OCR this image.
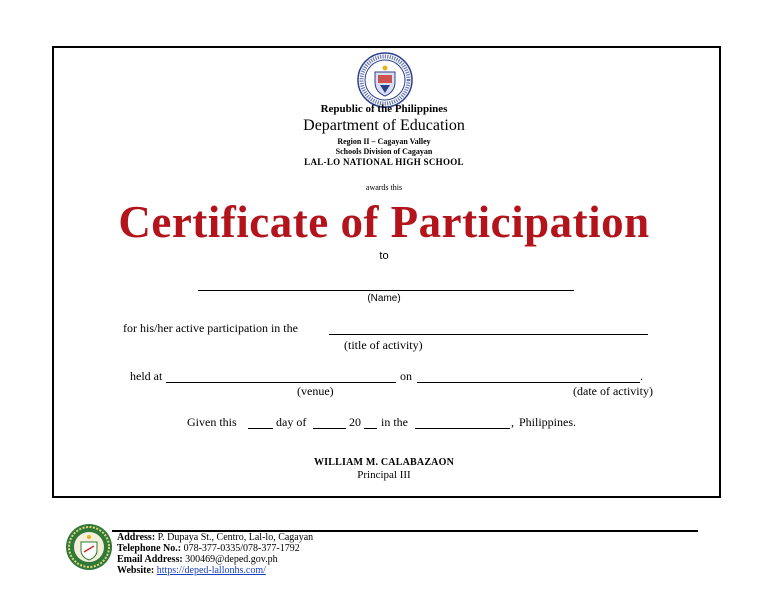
Republic of the Philippines
Department of Education
Region II – Cagayan Valley
Schools Division of Cagayan
LAL-LO NATIONAL HIGH SCHOOL
awards this
Certificate of Participation
to
(Name)
for his/her active participation in the
(title of activity)
held at	on	.
(venue)	(date of activity)
Given this	day of	20 in the	, Philippines.
WILLIAM M. CALABAZAON
Principal III
Address: P. Dupaya St., Centro, Lal-lo, Cagayan
Telephone No.: 078-377-0335/078-377-1792
Email Address: 300469@deped.gov.ph
Website: https://deped-lallonhs.com/
